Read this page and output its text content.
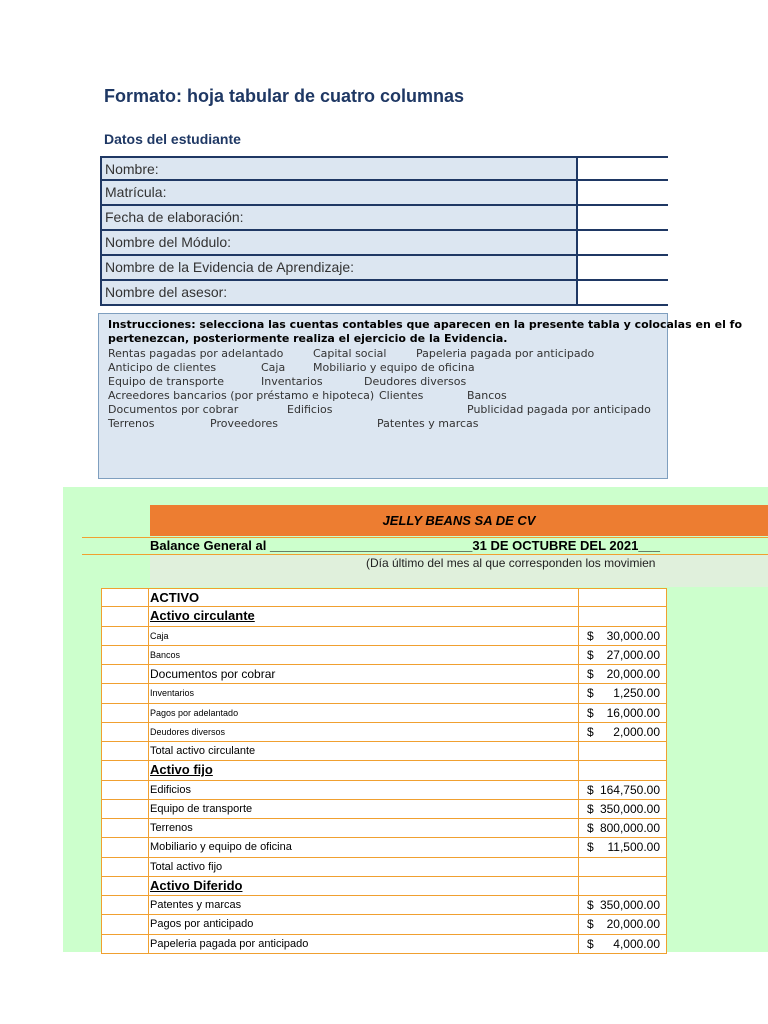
Formato: hoja tabular de cuatro columnas
Datos del estudiante
Nombre:
Matrícula:
Fecha de elaboración:
Nombre del Módulo:
Nombre de la Evidencia de Aprendizaje:
Nombre del asesor:
Instrucciones: selecciona las cuentas contables que aparecen en la presente tabla y colocalas en el fo
pertenezcan, posteriormente realiza el ejercicio de la Evidencia.
Rentas pagadas por adelantado	Capital social	Papeleria pagada por anticipado
Anticipo de clientes	Caja	Mobiliario y equipo de oficina
Equipo de transporte	Inventarios	Deudores diversos
Acreedores bancarios (por préstamo e hipoteca) Clientes	Bancos
Documentos por cobrar	Edificios	Publicidad pagada por anticipado
Terrenos	Proveedores	Patentes y marcas
JELLY BEANS SA DE CV
Balance General al ____________________________31 DE OCTUBRE DEL 2021___
(Día último del mes al que corresponden los movimien
ACTIVO
Activo circulante
Caja	$ 30,000.00
Bancos	$ 27,000.00
Documentos por cobrar	$ 20,000.00
Inventarios	$ 1,250.00
Pagos por adelantado	$ 16,000.00
Deudores diversos	$ 2,000.00
Total activo circulante
Activo fijo
Edificios	$ 164,750.00
Equipo de transporte	$ 350,000.00
Terrenos	$ 800,000.00
Mobiliario y equipo de oficina	$ 11,500.00
Total activo fijo
Activo Diferido
Patentes y marcas	$ 350,000.00
Pagos por anticipado	$ 20,000.00
Papeleria pagada por anticipado	$ 4,000.00
